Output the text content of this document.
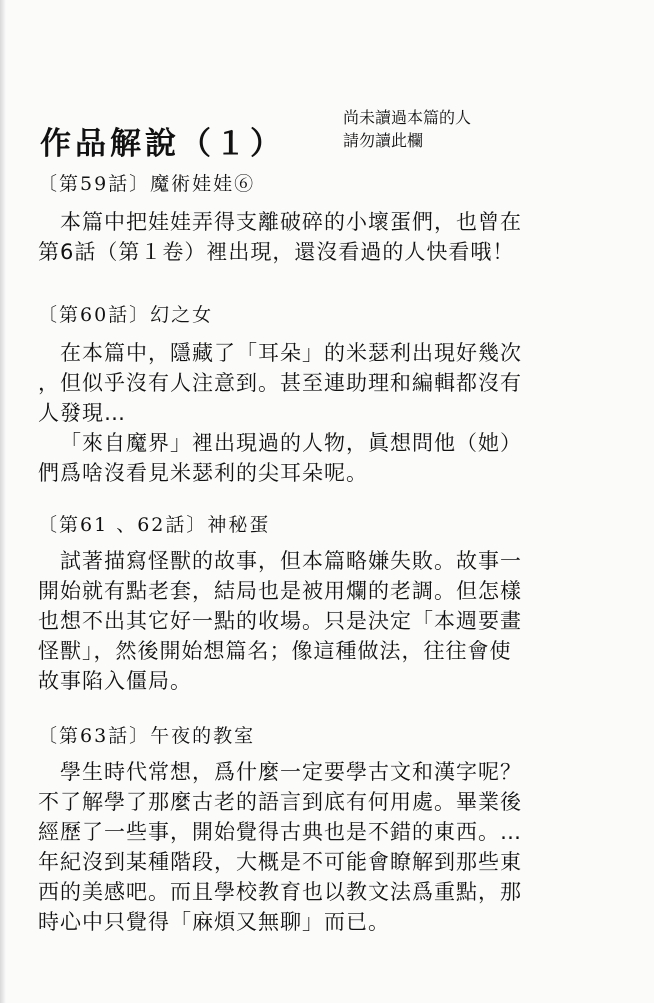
作品解說（１）
尚未讀過本篇的人
請勿讀此欄
〔第59話〕魔術娃娃⑥
本篇中把娃娃弄得支離破碎的小壞蛋們，也曾在
第6話（第１卷）裡出現，還沒看過的人快看哦！
〔第60話〕幻之女
在本篇中，隱藏了「耳朵」的米瑟利出現好幾次
，但似乎沒有人注意到。甚至連助理和編輯都沒有
人發現…
「來自魔界」裡出現過的人物，眞想問他（她）
們爲啥沒看見米瑟利的尖耳朵呢。
〔第61 、62話〕神秘蛋
試著描寫怪獸的故事，但本篇略嫌失敗。故事一
開始就有點老套，結局也是被用爛的老調。但怎樣
也想不出其它好一點的收場。只是決定「本週要畫
怪獸」，然後開始想篇名；像這種做法，往往會使
故事陷入僵局。
〔第63話〕午夜的教室
學生時代常想，爲什麼一定要學古文和漢字呢？
不了解學了那麼古老的語言到底有何用處。畢業後
經歷了一些事，開始覺得古典也是不錯的東西。…
年紀沒到某種階段，大概是不可能會瞭解到那些東
西的美感吧。而且學校教育也以教文法爲重點，那
時心中只覺得「麻煩又無聊」而已。
